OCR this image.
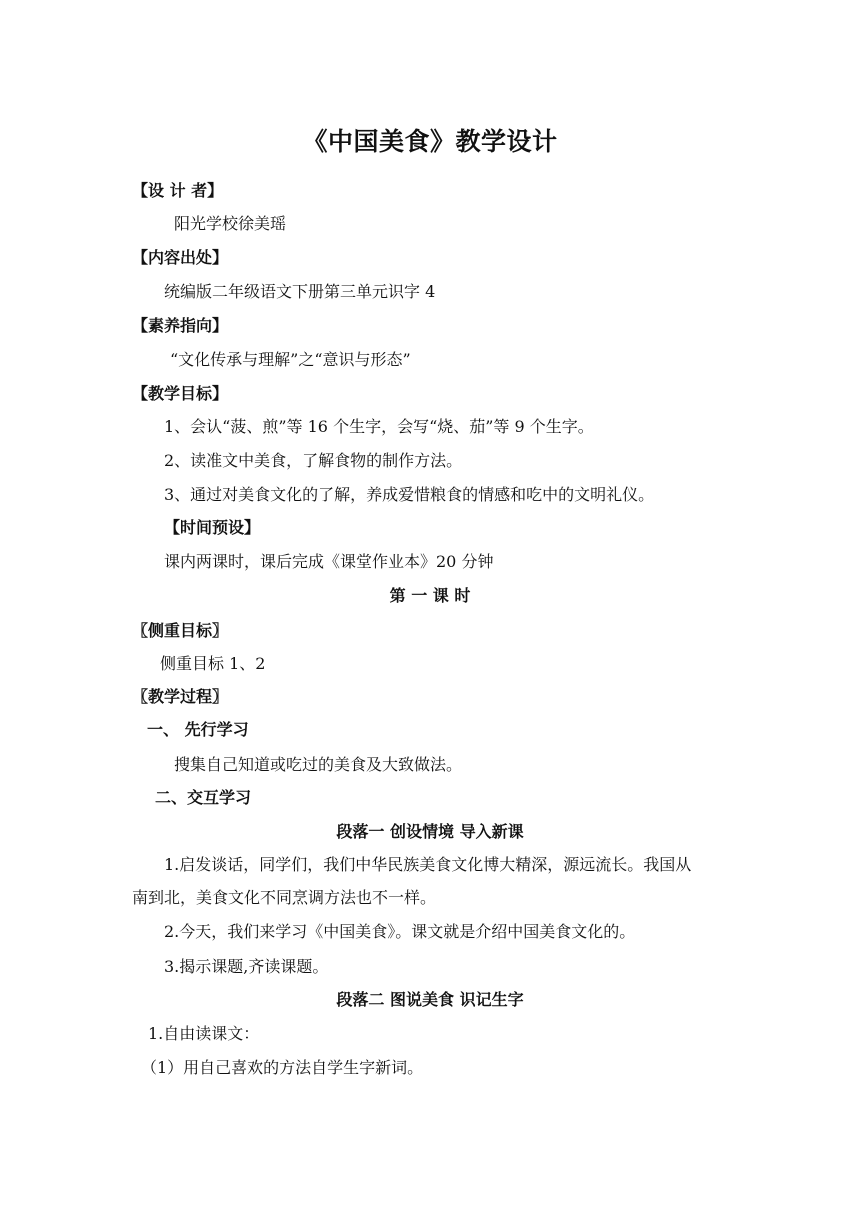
《中国美食》教学设计
【设 计 者】
阳光学校徐美瑶
【内容出处】
统编版二年级语文下册第三单元识字 4
【素养指向】
“文化传承与理解”之“意识与形态”
【教学目标】
1、会认“菠、煎”等 16 个生字，会写“烧、茄”等 9 个生字。
2、读准文中美食，了解食物的制作方法。
3、通过对美食文化的了解，养成爱惜粮食的情感和吃中的文明礼仪。
【时间预设】
课内两课时，课后完成《课堂作业本》20 分钟
第 一 课 时
〖侧重目标〗
侧重目标 1、2
〖教学过程〗
一、 先行学习
搜集自己知道或吃过的美食及大致做法。
二、交互学习
段落一 创设情境 导入新课
1.启发谈话，同学们，我们中华民族美食文化博大精深，源远流长。我国从
南到北，美食文化不同烹调方法也不一样。
2.今天，我们来学习《中国美食》。课文就是介绍中国美食文化的。
3.揭示课题,齐读课题。
段落二 图说美食 识记生字
1.自由读课文：
（1）用自己喜欢的方法自学生字新词。
